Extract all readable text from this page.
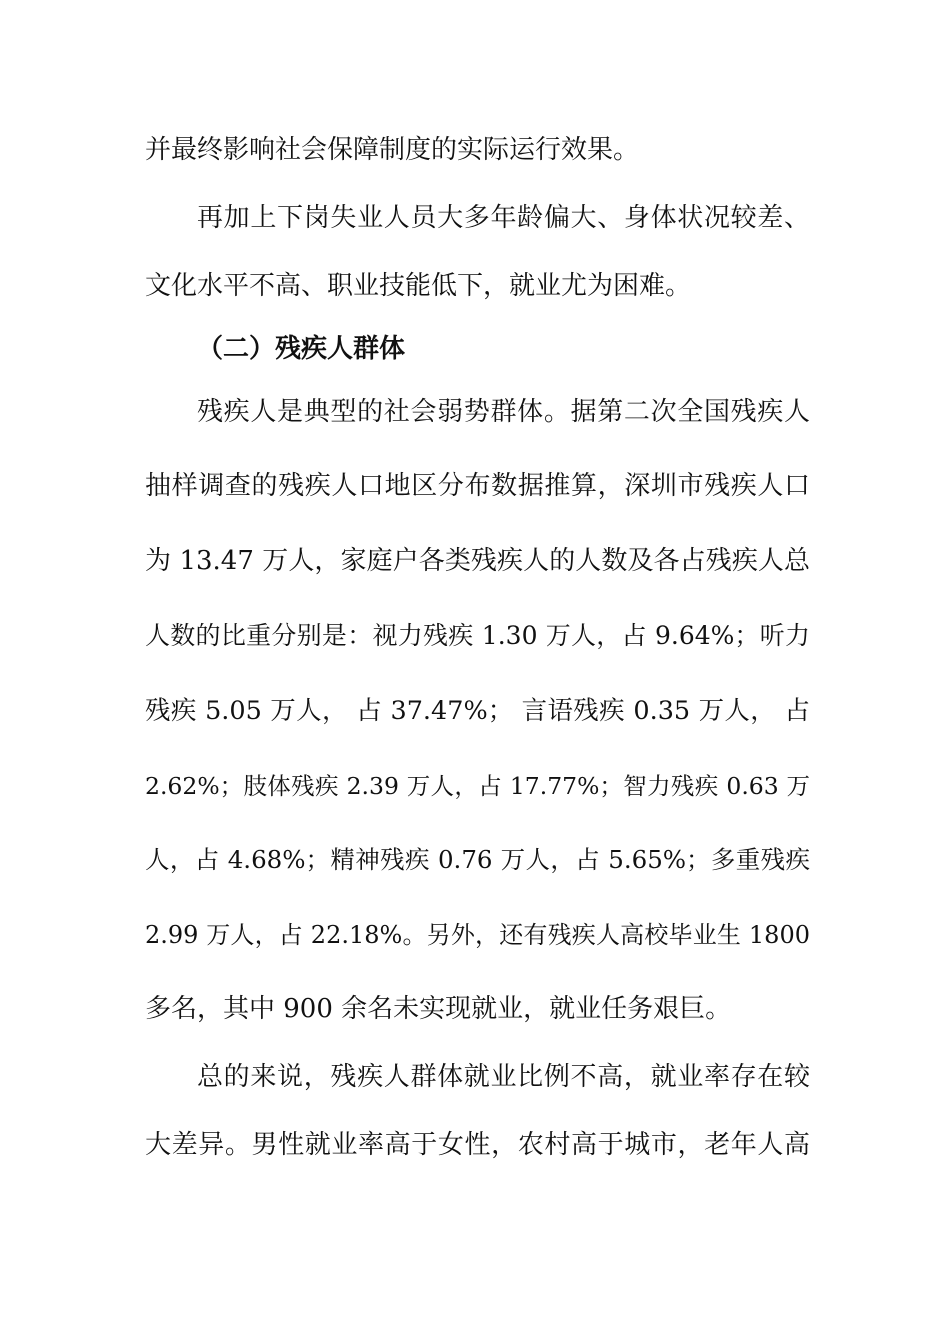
并最终影响社会保障制度的实际运行效果。
再加上下岗失业人员大多年龄偏大、身体状况较差、
文化水平不高、职业技能低下，就业尤为困难。
（二）残疾人群体
残疾人是典型的社会弱势群体。据第二次全国残疾人
抽样调查的残疾人口地区分布数据推算，深圳市残疾人口
为 13.47 万人，家庭户各类残疾人的人数及各占残疾人总
人数的比重分别是：视力残疾 1.30 万人，占 9.64%；听力
残疾 5.05 万人， 占 37.47%； 言语残疾 0.35 万人， 占
2.62%；肢体残疾 2.39 万人，占 17.77%；智力残疾 0.63 万
人，占 4.68%；精神残疾 0.76 万人，占 5.65%；多重残疾
2.99 万人，占 22.18%。另外，还有残疾人高校毕业生 1800
多名，其中 900 余名未实现就业，就业任务艰巨。
总的来说，残疾人群体就业比例不高，就业率存在较
大差异。男性就业率高于女性，农村高于城市，老年人高
